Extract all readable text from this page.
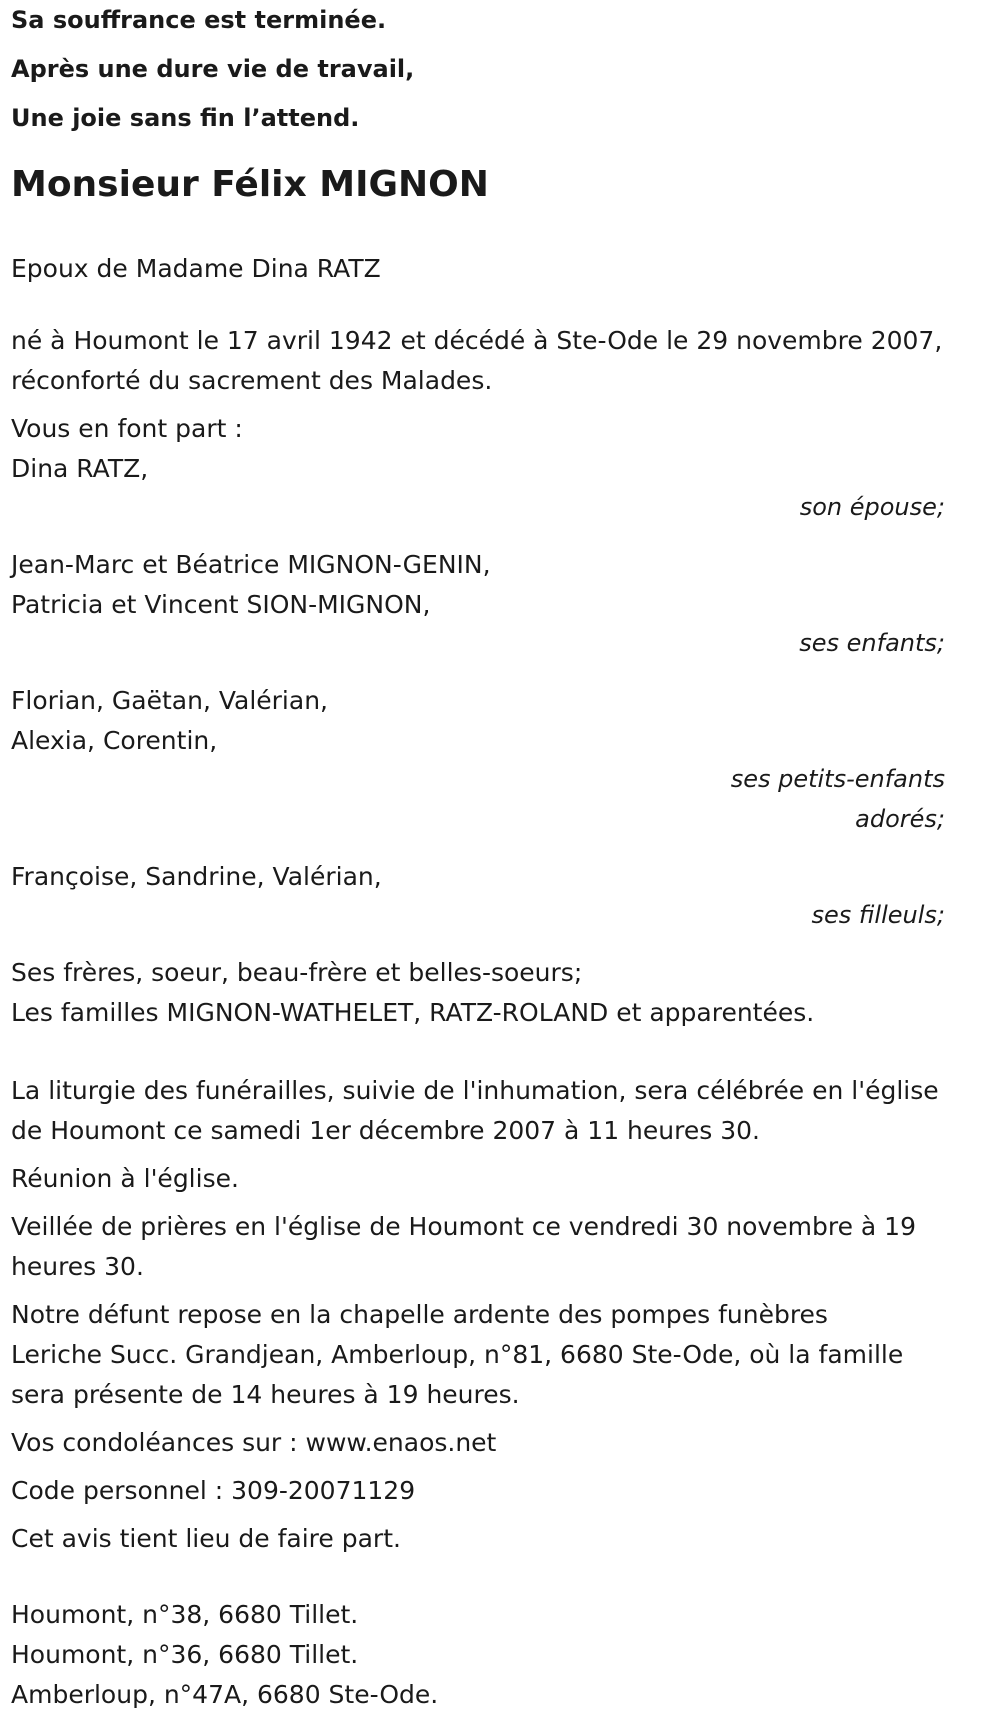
Sa souffrance est terminée.
Après une dure vie de travail,
Une joie sans fin l’attend.
Monsieur Félix MIGNON

Epoux de Madame Dina RATZ

né à Houmont le 17 avril 1942 et décédé à Ste-Ode le 29 novembre 2007,

réconforté du sacrement des Malades.

Vous en font part :

Dina RATZ,

son épouse;

Jean-Marc et Béatrice MIGNON-GENIN,

Patricia et Vincent SION-MIGNON,

ses enfants;

Florian, Gaëtan, Valérian,

Alexia, Corentin,

ses petits-enfants

adorés;

Françoise, Sandrine, Valérian,

ses filleuls;

Ses frères, soeur, beau-frère et belles-soeurs;

Les familles MIGNON-WATHELET, RATZ-ROLAND et apparentées.

La liturgie des funérailles, suivie de l'inhumation, sera célébrée en l'église

de Houmont ce samedi 1er décembre 2007 à 11 heures 30.

Réunion à l'église.

Veillée de prières en l'église de Houmont ce vendredi 30 novembre à 19

heures 30.

Notre défunt repose en la chapelle ardente des pompes funèbres

Leriche Succ. Grandjean, Amberloup, n°81, 6680 Ste-Ode, où la famille

sera présente de 14 heures à 19 heures.

Vos condoléances sur : www.enaos.net

Code personnel : 309-20071129

Cet avis tient lieu de faire part.

Houmont, n°38, 6680 Tillet.

Houmont, n°36, 6680 Tillet.

Amberloup, n°47A, 6680 Ste-Ode.
